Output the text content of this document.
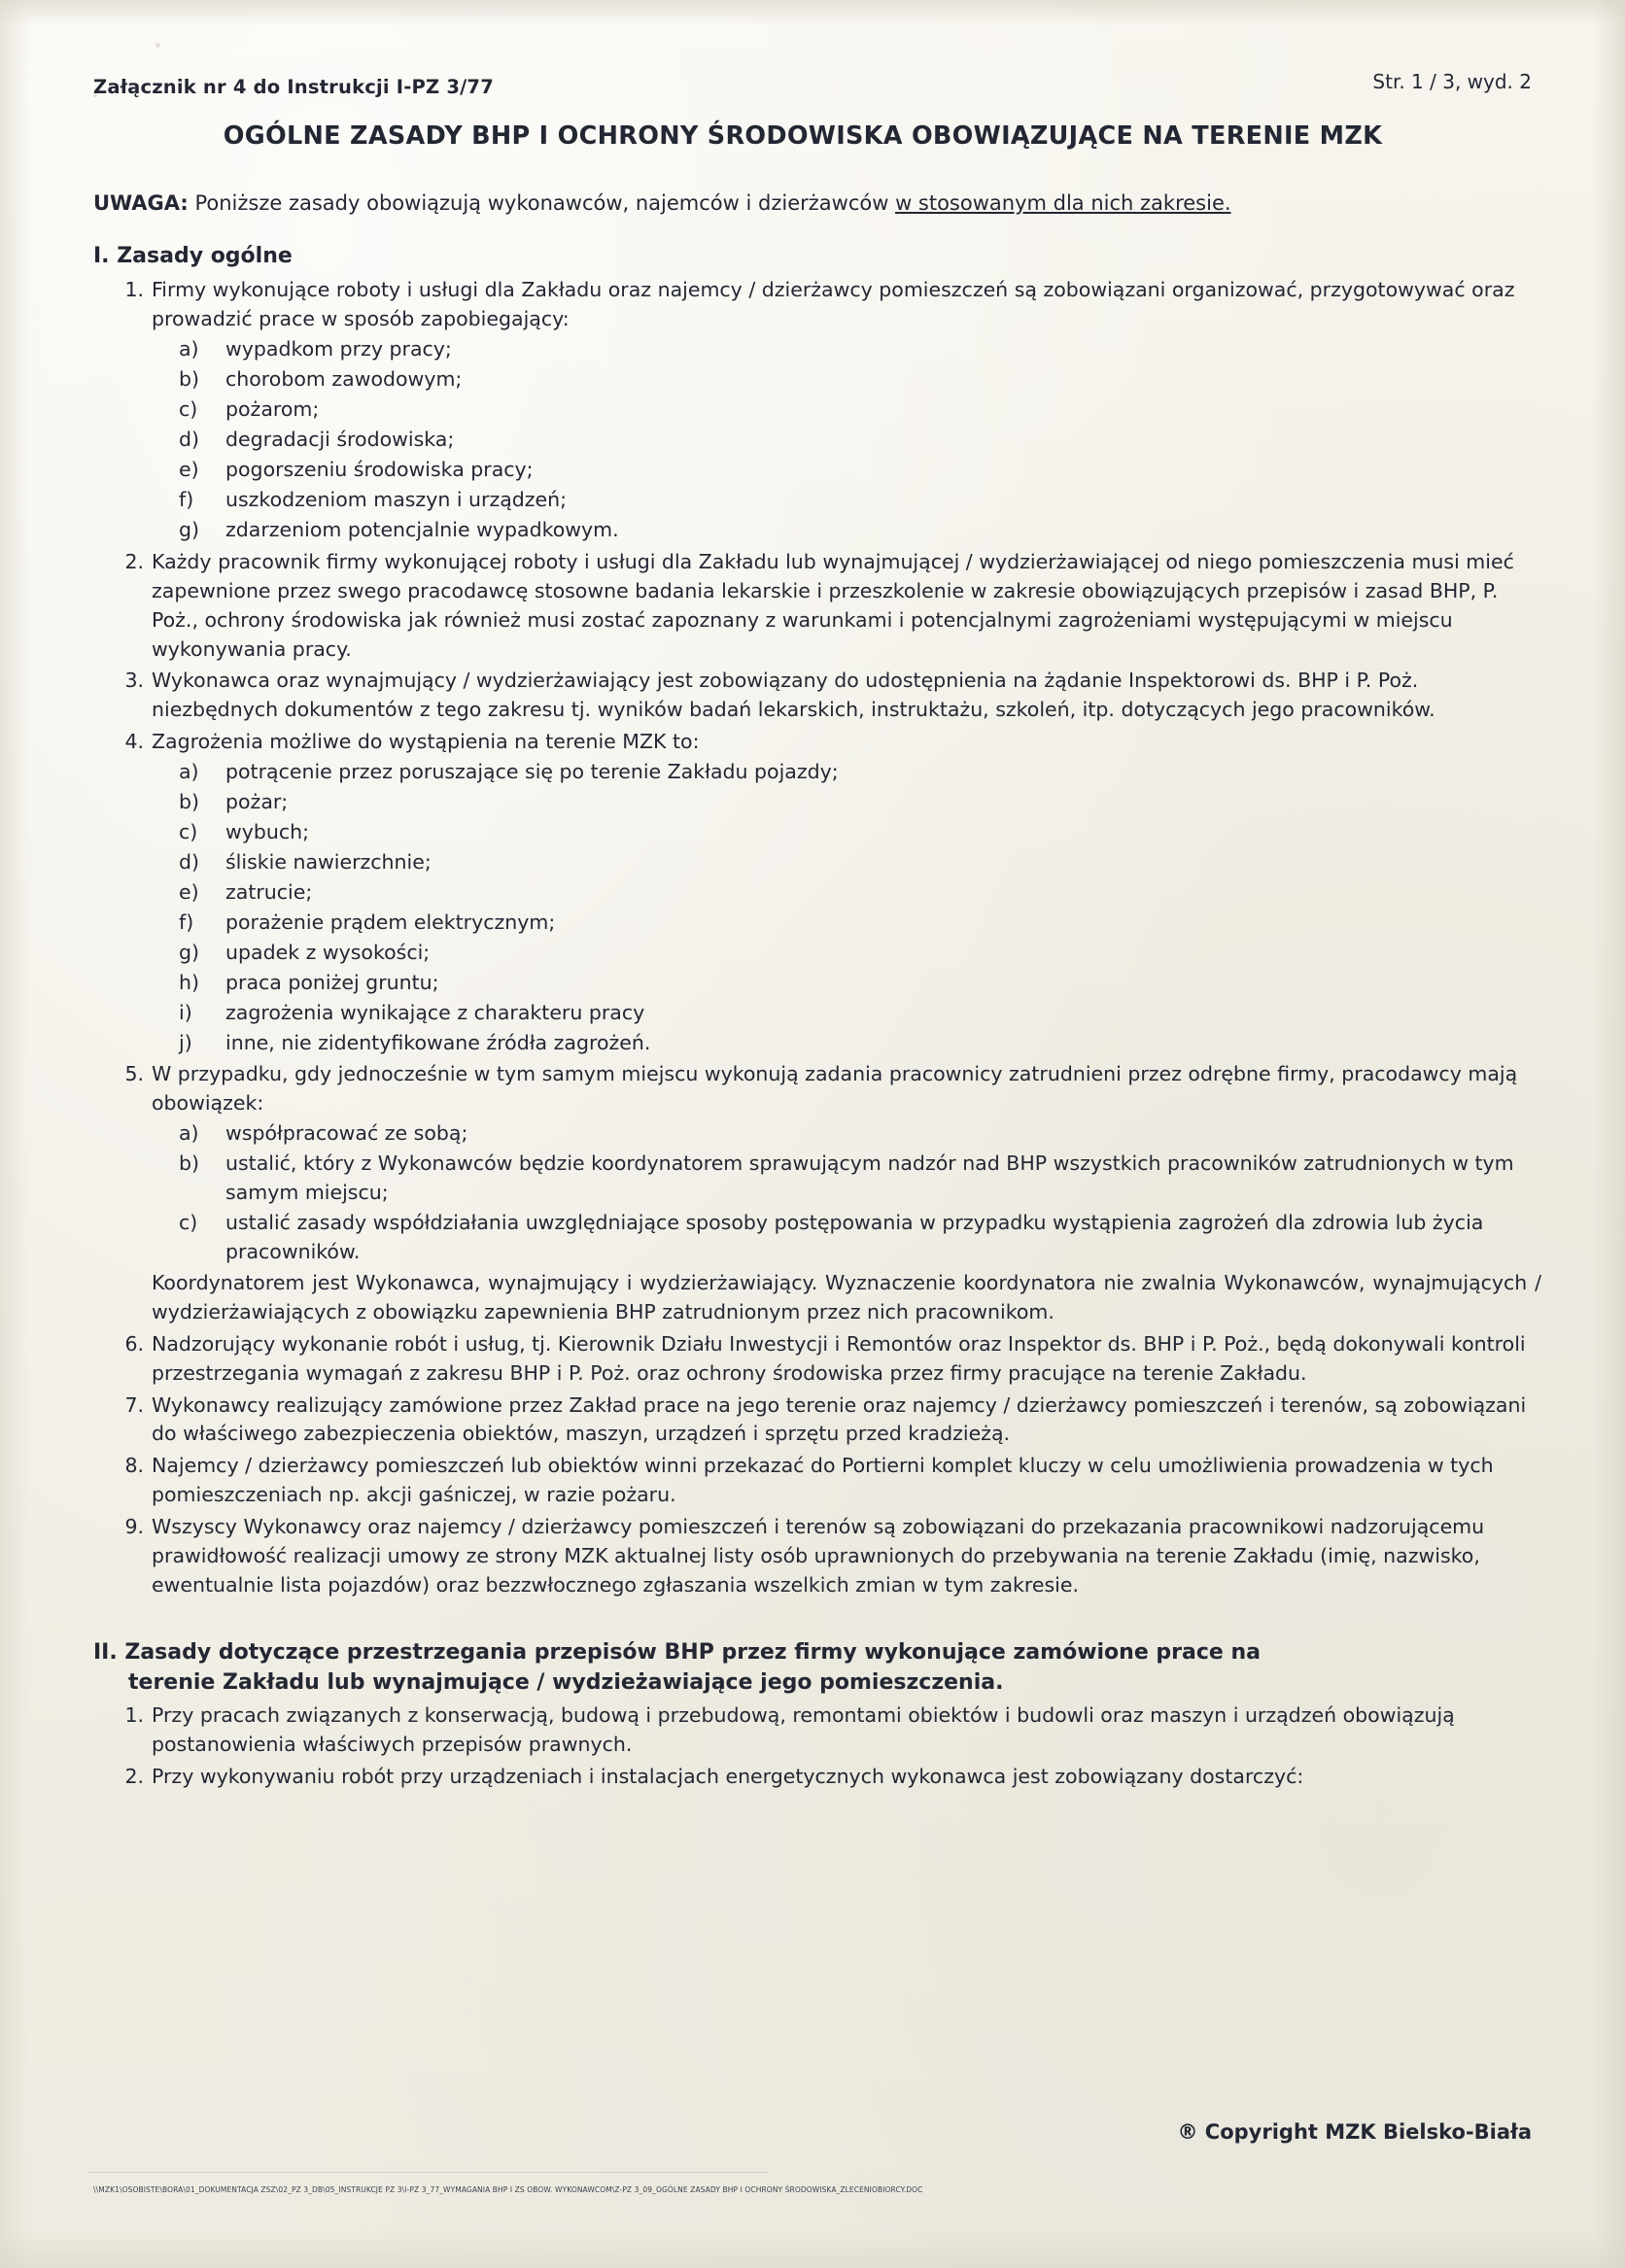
Załącznik nr 4 do Instrukcji I-PZ 3/77	Str. 1 / 3, wyd. 2
OGÓLNE ZASADY BHP I OCHRONY ŚRODOWISKA OBOWIĄZUJĄCE NA TERENIE MZK
UWAGA: Poniższe zasady obowiązują wykonawców, najemców i dzierżawców w stosowanym dla nich zakresie.
I. Zasady ogólne
1. Firmy wykonujące roboty i usługi dla Zakładu oraz najemcy / dzierżawcy pomieszczeń są zobowiązani organizować, przygotowywać oraz prowadzić prace w sposób zapobiegający:
a)	wypadkom przy pracy;
b)	chorobom zawodowym;
c)	pożarom;
d)	degradacji środowiska;
e)	pogorszeniu środowiska pracy;
f)	uszkodzeniom maszyn i urządzeń;
g)	zdarzeniom potencjalnie wypadkowym.
2. Każdy pracownik firmy wykonującej roboty i usługi dla Zakładu lub wynajmującej / wydzierżawiającej od niego pomieszczenia musi mieć zapewnione przez swego pracodawcę stosowne badania lekarskie i przeszkolenie w zakresie obowiązujących przepisów i zasad BHP, P. Poż., ochrony środowiska jak również musi zostać zapoznany z warunkami i potencjalnymi zagrożeniami występującymi w miejscu wykonywania pracy.
3. Wykonawca oraz wynajmujący / wydzierżawiający jest zobowiązany do udostępnienia na żądanie Inspektorowi ds. BHP i P. Poż. niezbędnych dokumentów z tego zakresu tj. wyników badań lekarskich, instruktażu, szkoleń, itp. dotyczących jego pracowników.
4. Zagrożenia możliwe do wystąpienia na terenie MZK to:
a)	potrącenie przez poruszające się po terenie Zakładu pojazdy;
b)	pożar;
c)	wybuch;
d)	śliskie nawierzchnie;
e)	zatrucie;
f)	porażenie prądem elektrycznym;
g)	upadek z wysokości;
h)	praca poniżej gruntu;
i)	zagrożenia wynikające z charakteru pracy
j)	inne, nie zidentyfikowane źródła zagrożeń.
5. W przypadku, gdy jednocześnie w tym samym miejscu wykonują zadania pracownicy zatrudnieni przez odrębne firmy, pracodawcy mają obowiązek:
a)	współpracować ze sobą;
b)	ustalić, który z Wykonawców będzie koordynatorem sprawującym nadzór nad BHP wszystkich pracowników zatrudnionych w tym samym miejscu;
c)	ustalić zasady współdziałania uwzględniające sposoby postępowania w przypadku wystąpienia zagrożeń dla zdrowia lub życia pracowników.
Koordynatorem jest Wykonawca, wynajmujący i wydzierżawiający. Wyznaczenie koordynatora nie zwalnia Wykonawców, wynajmujących / wydzierżawiających z obowiązku zapewnienia BHP zatrudnionym przez nich pracownikom.
6. Nadzorujący wykonanie robót i usług, tj. Kierownik Działu Inwestycji i Remontów oraz Inspektor ds. BHP i P. Poż., będą dokonywali kontroli przestrzegania wymagań z zakresu BHP i P. Poż. oraz ochrony środowiska przez firmy pracujące na terenie Zakładu.
7. Wykonawcy realizujący zamówione przez Zakład prace na jego terenie oraz najemcy / dzierżawcy pomieszczeń i terenów, są zobowiązani do właściwego zabezpieczenia obiektów, maszyn, urządzeń i sprzętu przed kradzieżą.
8. Najemcy / dzierżawcy pomieszczeń lub obiektów winni przekazać do Portierni komplet kluczy w celu umożliwienia prowadzenia w tych pomieszczeniach np. akcji gaśniczej, w razie pożaru.
9. Wszyscy Wykonawcy oraz najemcy / dzierżawcy pomieszczeń i terenów są zobowiązani do przekazania pracownikowi nadzorującemu prawidłowość realizacji umowy ze strony MZK aktualnej listy osób uprawnionych do przebywania na terenie Zakładu (imię, nazwisko, ewentualnie lista pojazdów) oraz bezzwłocznego zgłaszania wszelkich zmian w tym zakresie.
II. Zasady dotyczące przestrzegania przepisów BHP przez firmy wykonujące zamówione prace na
terenie Zakładu lub wynajmujące / wydzieżawiające jego pomieszczenia.
1. Przy pracach związanych z konserwacją, budową i przebudową, remontami obiektów i budowli oraz maszyn i urządzeń obowiązują postanowienia właściwych przepisów prawnych.
2. Przy wykonywaniu robót przy urządzeniach i instalacjach energetycznych wykonawca jest zobowiązany dostarczyć:
® Copyright MZK Bielsko-Biała
\\MZK1\OSOBISTE\BORA\01_DOKUMENTACJA ZSZ\02_PZ 3_DB\05_INSTRUKCJE PZ 3\I-PZ 3_77_WYMAGANIA BHP I ZS OBOW. WYKONAWCOM\Z-PZ 3_09_OGÓLNE ZASADY BHP I OCHRONY ŚRODOWISKA_ZLECENIOBIORCY.DOC
